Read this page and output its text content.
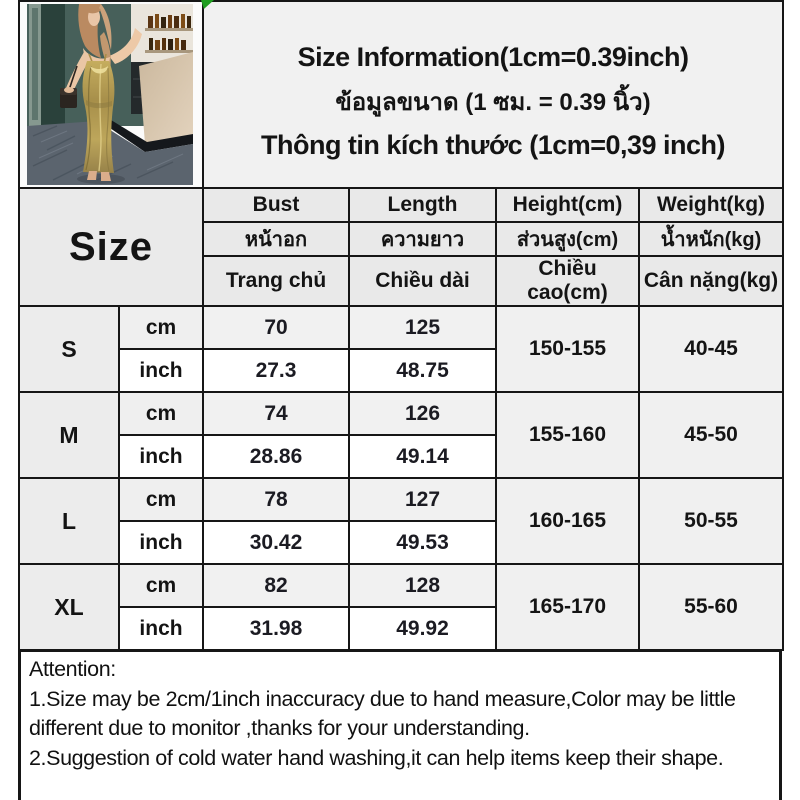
Size Information(1cm=0.39inch)
ข้อมูลขนาด (1 ซม. = 0.39 นิ้ว)
Thông tin kích thước (1cm=0,39 inch)			

Size		Bust	Length	Height(cm)	Weight(kg)
		หน้าอก	ความยาว	ส่วนสูง(cm)	น้ำหนัก(kg)
		Trang chủ	Chiều dài	Chiều cao(cm)	Cân nặng(kg)
S	cm	70	125	150-155	40-45
	inch	27.3	48.75		
M	cm	74	126	155-160	45-50
	inch	28.86	49.14		
L	cm	78	127	160-165	50-55
	inch	30.42	49.53		
XL	cm	82	128	165-170	55-60
	inch	31.98	49.92		
Attention:
1.Size may be 2cm/1inch inaccuracy due to hand measure,Color may be little different due to monitor ,thanks for your understanding.
2.Suggestion of cold water hand washing,it can help items keep their shape.
